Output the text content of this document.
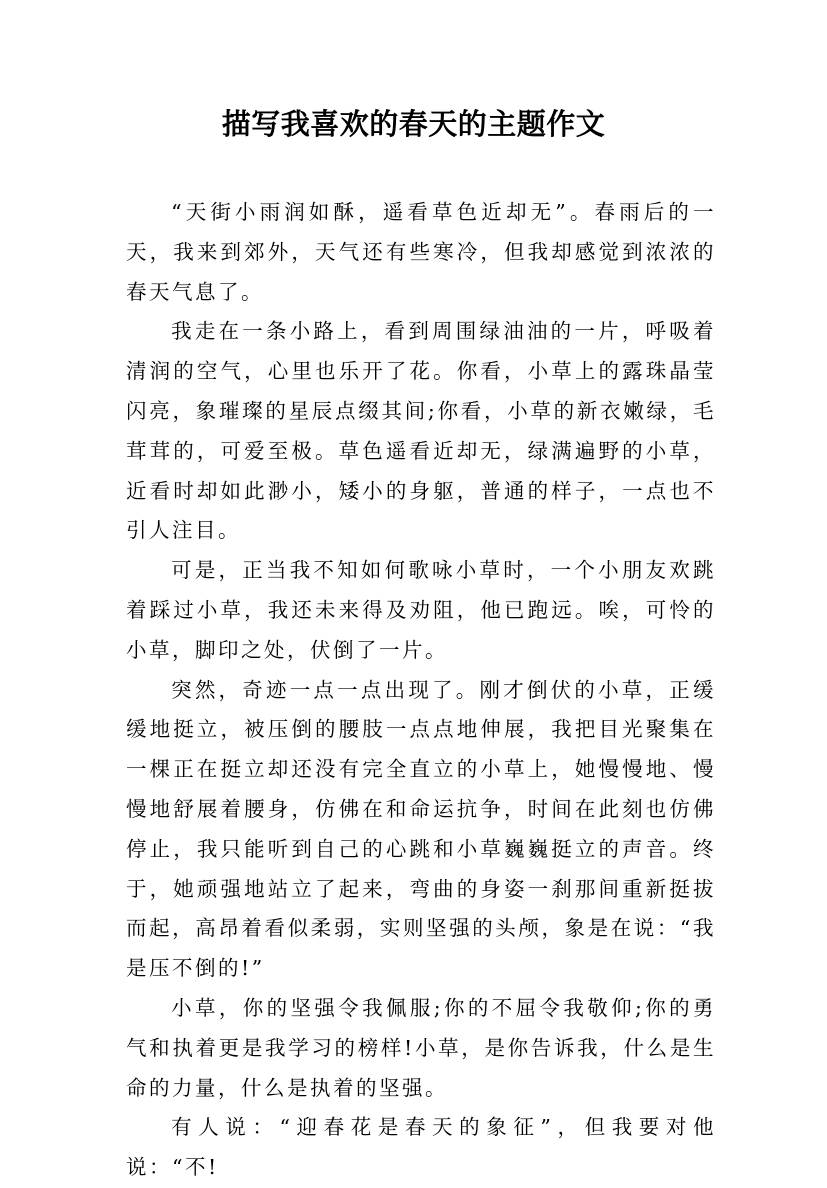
描写我喜欢的春天的主题作文

“天街小雨润如酥，遥看草色近却无”。春雨后的一天，我来到郊外，天气还有些寒冷，但我却感觉到浓浓的春天气息了。

我走在一条小路上，看到周围绿油油的一片，呼吸着清润的空气，心里也乐开了花。你看，小草上的露珠晶莹闪亮，象璀璨的星辰点缀其间;你看，小草的新衣嫩绿，毛茸茸的，可爱至极。草色遥看近却无，绿满遍野的小草，近看时却如此渺小，矮小的身躯，普通的样子，一点也不引人注目。

可是，正当我不知如何歌咏小草时，一个小朋友欢跳着踩过小草，我还未来得及劝阻，他已跑远。唉，可怜的小草，脚印之处，伏倒了一片。

突然，奇迹一点一点出现了。刚才倒伏的小草，正缓缓地挺立，被压倒的腰肢一点点地伸展，我把目光聚集在一棵正在挺立却还没有完全直立的小草上，她慢慢地、慢慢地舒展着腰身，仿佛在和命运抗争，时间在此刻也仿佛停止，我只能听到自己的心跳和小草巍巍挺立的声音。终于，她顽强地站立了起来，弯曲的身姿一刹那间重新挺拔而起，高昂着看似柔弱，实则坚强的头颅，象是在说：“我是压不倒的!”

小草，你的坚强令我佩服;你的不屈令我敬仰;你的勇气和执着更是我学习的榜样!小草，是你告诉我，什么是生命的力量，什么是执着的坚强。

有人说：“迎春花是春天的象征”，但我要对他说：“不!
